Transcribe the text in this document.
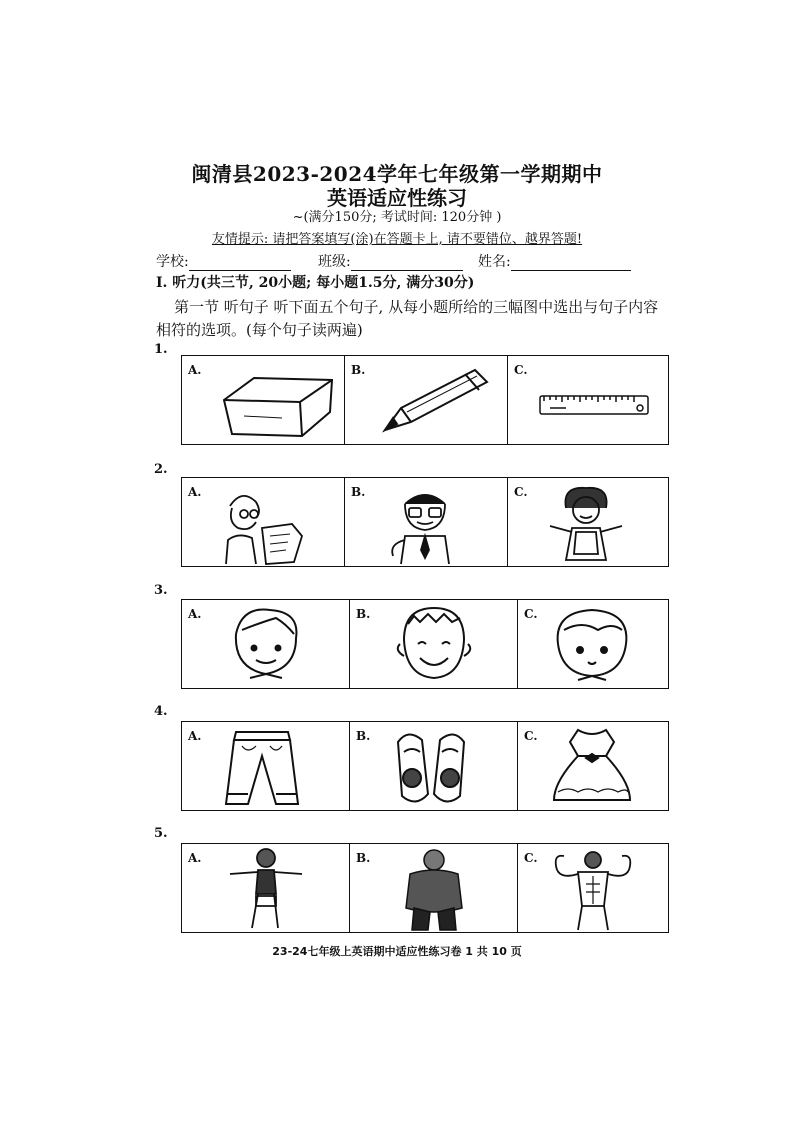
闽清县2023-2024学年七年级第一学期期中
英语适应性练习
~(满分150分; 考试时间: 120分钟 )
友情提示: 请把答案填写(涂)在答题卡上, 请不要错位、越界答题!
学校:	班级:	姓名:
I. 听力(共三节, 20小题; 每小题1.5分, 满分30分)
第一节 听句子 听下面五个句子, 从每小题所给的三幅图中选出与句子内容相符的选项。(每个句子读两遍)
1.
A.	B.	C.
2.
A.	B.	C.
3.
A.	B.	C.
4.
A.	B.	C.
5.
A.	B.	C.
23-24七年级上英语期中适应性练习卷 1 共 10 页
